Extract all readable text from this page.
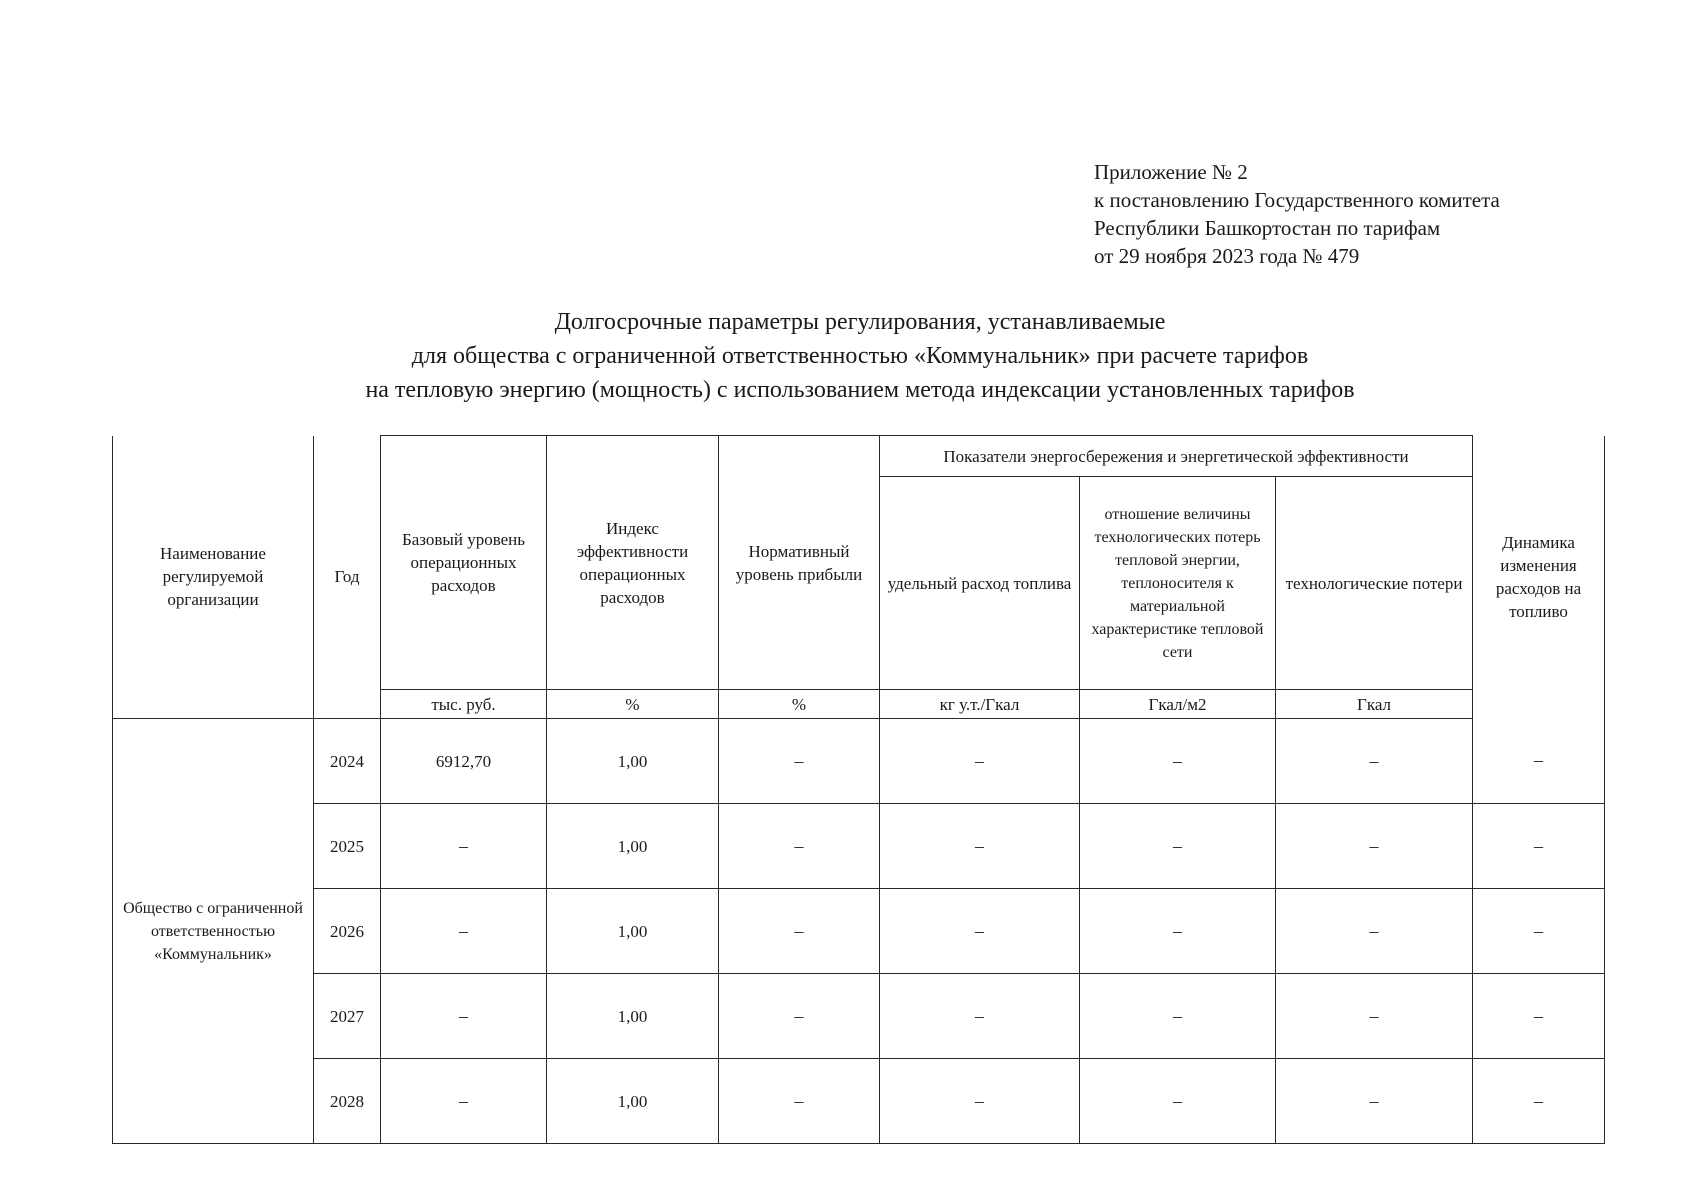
Приложение № 2
к постановлению Государственного комитета
Республики Башкортостан по тарифам
от 29 ноября 2023 года № 479
Долгосрочные параметры регулирования, устанавливаемые
для общества с ограниченной ответственностью «Коммунальник» при расчете тарифов
на тепловую энергию (мощность) с использованием метода индексации установленных тарифов
Наименование регулируемой организации	Год	Базовый уровень операционных расходов	Индекс эффективности операционных расходов	Нормативный уровень прибыли	Показатели энергосбережения и энергетической эффективности			Динамика изменения расходов на топливо
					удельный расход топлива	отношение величины технологических потерь тепловой энергии, теплоносителя к материальной характеристике тепловой сети	технологические потери	
		тыс. руб.	%	%	кг у.т./Гкал	Гкал/м2	Гкал	
Общество с ограниченной ответственностью «Коммунальник»	2024	6912,70	1,00	–	–	–	–	–
	2025	–	1,00	–	–	–	–	–
	2026	–	1,00	–	–	–	–	–
	2027	–	1,00	–	–	–	–	–
	2028	–	1,00	–	–	–	–	–
